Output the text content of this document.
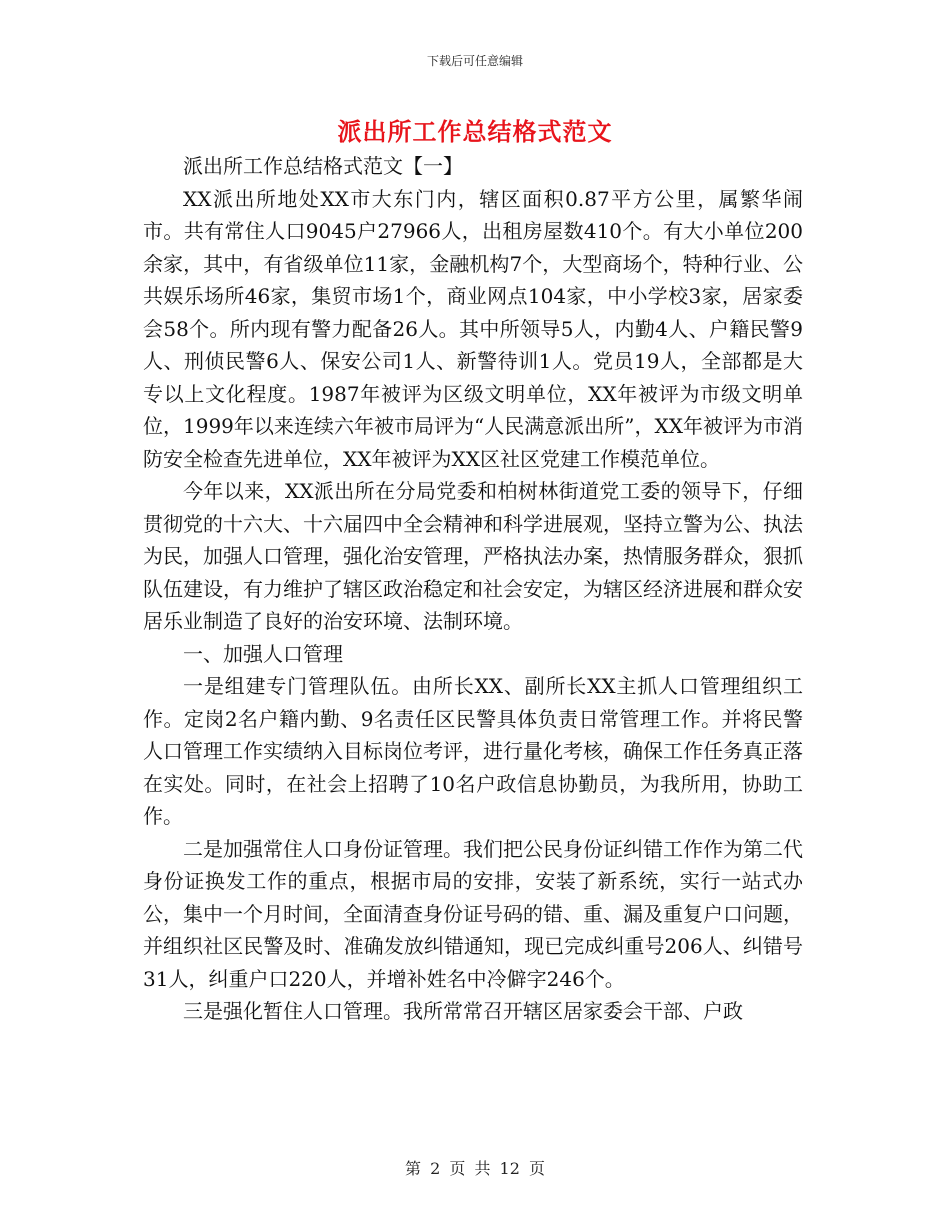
下载后可任意编辑
派出所工作总结格式范文

派出所工作总结格式范文【一】

XX派出所地处XX市大东门内，辖区面积0.87平方公里，属繁华闹市。共有常住人口9045户27966人，出租房屋数410个。有大小单位200余家，其中，有省级单位11家，金融机构7个，大型商场个，特种行业、公共娱乐场所46家，集贸市场1个，商业网点104家，中小学校3家，居家委会58个。所内现有警力配备26人。其中所领导5人，内勤4人、户籍民警9人、刑侦民警6人、保安公司1人、新警待训1人。党员19人，全部都是大专以上文化程度。1987年被评为区级文明单位，XX年被评为市级文明单位，1999年以来连续六年被市局评为“人民满意派出所”，XX年被评为市消防安全检查先进单位，XX年被评为XX区社区党建工作模范单位。

今年以来，XX派出所在分局党委和柏树林街道党工委的领导下，仔细贯彻党的十六大、十六届四中全会精神和科学进展观，坚持立警为公、执法为民，加强人口管理，强化治安管理，严格执法办案，热情服务群众，狠抓队伍建设，有力维护了辖区政治稳定和社会安定，为辖区经济进展和群众安居乐业制造了良好的治安环境、法制环境。

一、加强人口管理

一是组建专门管理队伍。由所长XX、副所长XX主抓人口管理组织工作。定岗2名户籍内勤、9名责任区民警具体负责日常管理工作。并将民警人口管理工作实绩纳入目标岗位考评，进行量化考核，确保工作任务真正落在实处。同时，在社会上招聘了10名户政信息协勤员，为我所用，协助工作。

二是加强常住人口身份证管理。我们把公民身份证纠错工作作为第二代身份证换发工作的重点，根据市局的安排，安装了新系统，实行一站式办公，集中一个月时间，全面清查身份证号码的错、重、漏及重复户口问题，并组织社区民警及时、准确发放纠错通知，现已完成纠重号206人、纠错号31人，纠重户口220人，并增补姓名中冷僻字246个。

三是强化暂住人口管理。我所常常召开辖区居家委会干部、户政

第 2 页 共 12 页
